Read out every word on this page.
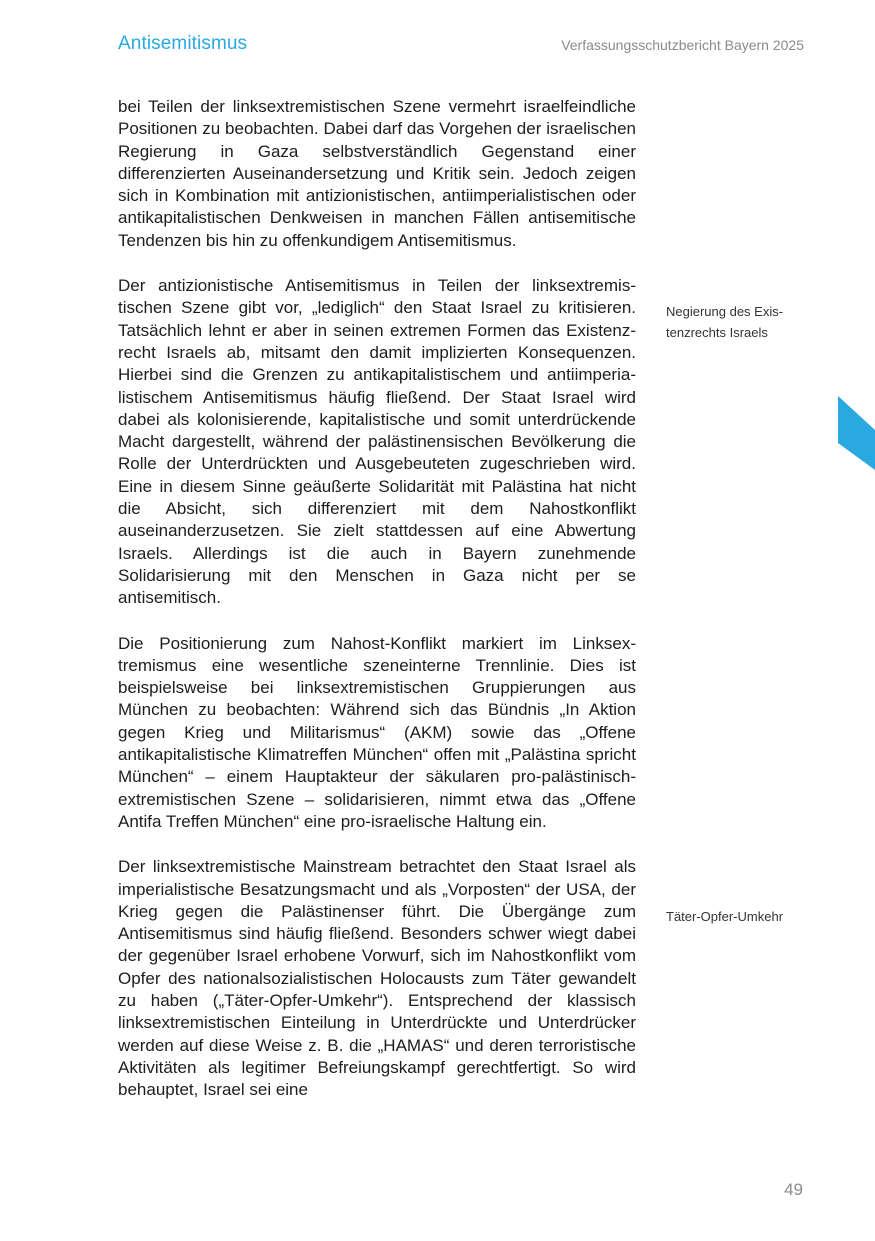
Antisemitismus	Verfassungsschutzbericht Bayern 2025

bei Teilen der linksextremistischen Szene vermehrt israelfeindliche Positionen zu beobachten. Dabei darf das Vorgehen der israelischen Regierung in Gaza selbstverständlich Gegenstand einer differenzierten Auseinandersetzung und Kritik sein. Jedoch zeigen sich in Kombination mit antizionistischen, antiimperialistischen oder antikapitalistischen Denkweisen in manchen Fällen antisemitische Tendenzen bis hin zu offenkundigem Antisemitismus.

Der antizionistische Antisemitismus in Teilen der linksextremistischen Szene gibt vor, „lediglich“ den Staat Israel zu kritisieren. Tatsächlich lehnt er aber in seinen extremen Formen das Existenzrecht Israels ab, mitsamt den damit implizierten Konsequenzen. Hierbei sind die Grenzen zu antikapitalistischem und antiimperialistischem Antisemitismus häufig fließend. Der Staat Israel wird dabei als kolonisierende, kapitalistische und somit unterdrückende Macht dargestellt, während der palästinensischen Bevölkerung die Rolle der Unterdrückten und Ausgebeuteten zugeschrieben wird. Eine in diesem Sinne geäußerte Solidarität mit Palästina hat nicht die Absicht, sich differenziert mit dem Nahostkonflikt auseinanderzusetzen. Sie zielt stattdessen auf eine Abwertung Israels. Allerdings ist die auch in Bayern zunehmende Solidarisierung mit den Menschen in Gaza nicht per se antisemitisch.

Die Positionierung zum Nahost-Konflikt markiert im Linksextremismus eine wesentliche szeneinterne Trennlinie. Dies ist beispielsweise bei linksextremistischen Gruppierungen aus München zu beobachten: Während sich das Bündnis „In Aktion gegen Krieg und Militarismus“ (AKM) sowie das „Offene antikapitalistische Klimatreffen München“ offen mit „Palästina spricht München“ – einem Hauptakteur der säkularen pro-palästinisch-extremistischen Szene – solidarisieren, nimmt etwa das „Offene Antifa Treffen München“ eine pro-israelische Haltung ein.

Der linksextremistische Mainstream betrachtet den Staat Israel als imperialistische Besatzungsmacht und als „Vorposten“ der USA, der Krieg gegen die Palästinenser führt. Die Übergänge zum Antisemitismus sind häufig fließend. Besonders schwer wiegt dabei der gegenüber Israel erhobene Vorwurf, sich im Nahostkonflikt vom Opfer des nationalsozialistischen Holocausts zum Täter gewandelt zu haben („Täter-Opfer-Umkehr“). Entsprechend der klassisch linksextremistischen Einteilung in Unterdrückte und Unterdrücker werden auf diese Weise z. B. die „HAMAS“ und deren terroristische Aktivitäten als legitimer Befreiungskampf gerechtfertigt. So wird behauptet, Israel sei eine

Negierung des Existenzrechts Israels
Täter-Opfer-Umkehr
49
